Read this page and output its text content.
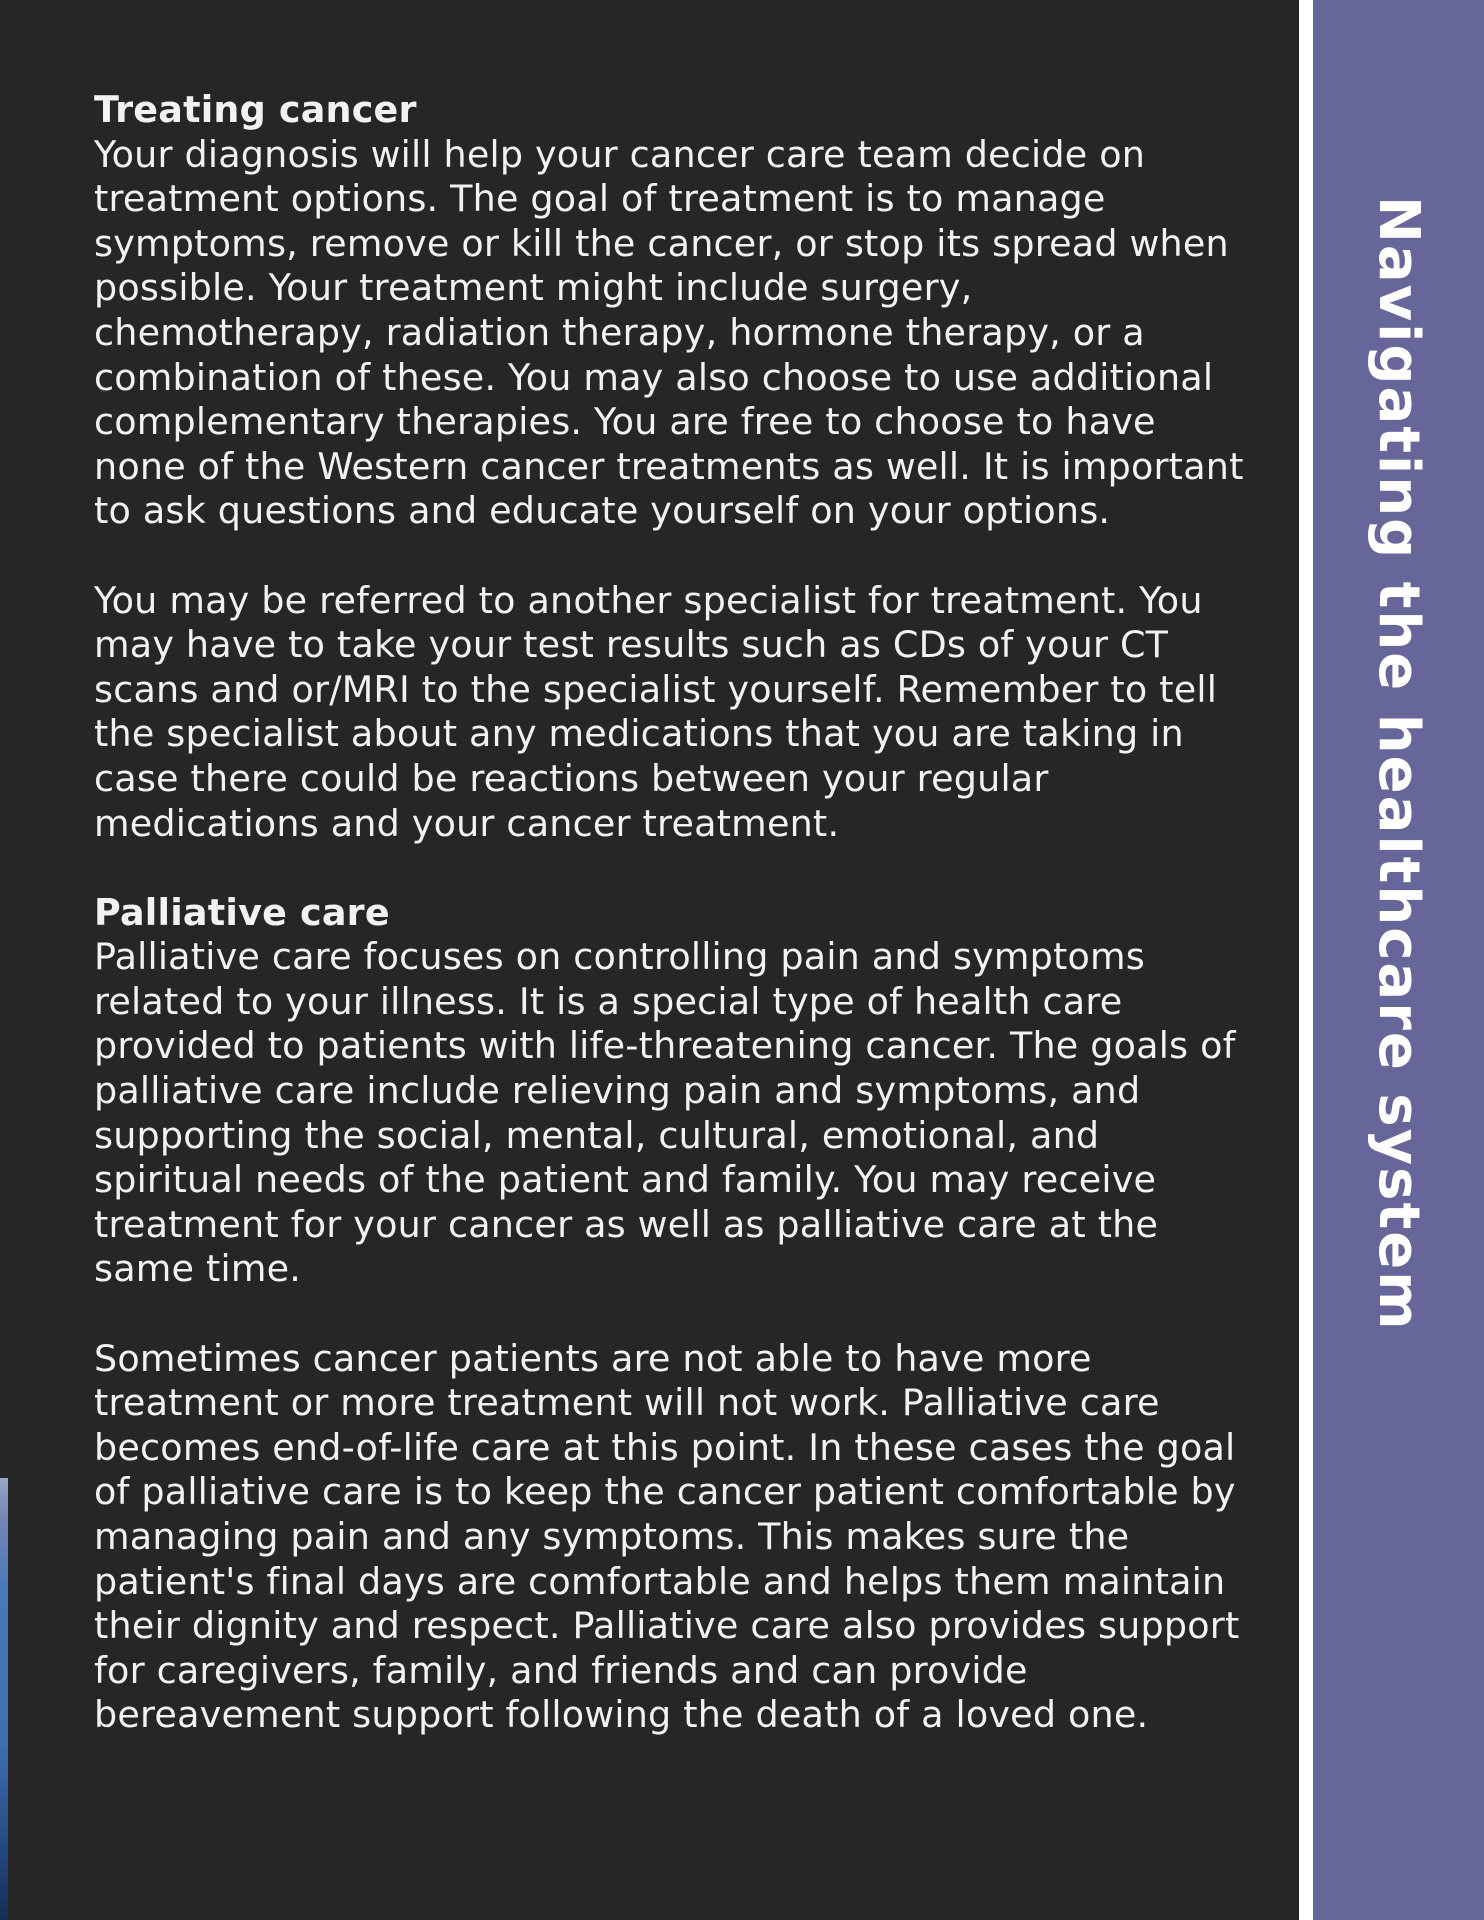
Treating cancer

Your diagnosis will help your cancer care team decide on treatment options. The goal of treatment is to manage symptoms, remove or kill the cancer, or stop its spread when possible. Your treatment might include surgery, chemotherapy, radiation therapy, hormone therapy, or a combination of these. You may also choose to use additional complementary therapies. You are free to choose to have none of the Western cancer treatments as well. It is important to ask questions and educate yourself on your options.

You may be referred to another specialist for treatment. You may have to take your test results such as CDs of your CT scans and or/MRI to the specialist yourself. Remember to tell the specialist about any medications that you are taking in case there could be reactions between your regular medications and your cancer treatment.

Palliative care

Palliative care focuses on controlling pain and symptoms related to your illness. It is a special type of health care provided to patients with life-threatening cancer. The goals of palliative care include relieving pain and symptoms, and supporting the social, mental, cultural, emotional, and spiritual needs of the patient and family. You may receive treatment for your cancer as well as palliative care at the same time.

Sometimes cancer patients are not able to have more treatment or more treatment will not work. Palliative care becomes end-of-life care at this point. In these cases the goal of palliative care is to keep the cancer patient comfortable by managing pain and any symptoms. This makes sure the patient's final days are comfortable and helps them maintain their dignity and respect. Palliative care also provides support for caregivers, family, and friends and can provide bereavement support following the death of a loved one.

Navigating the healthcare system
